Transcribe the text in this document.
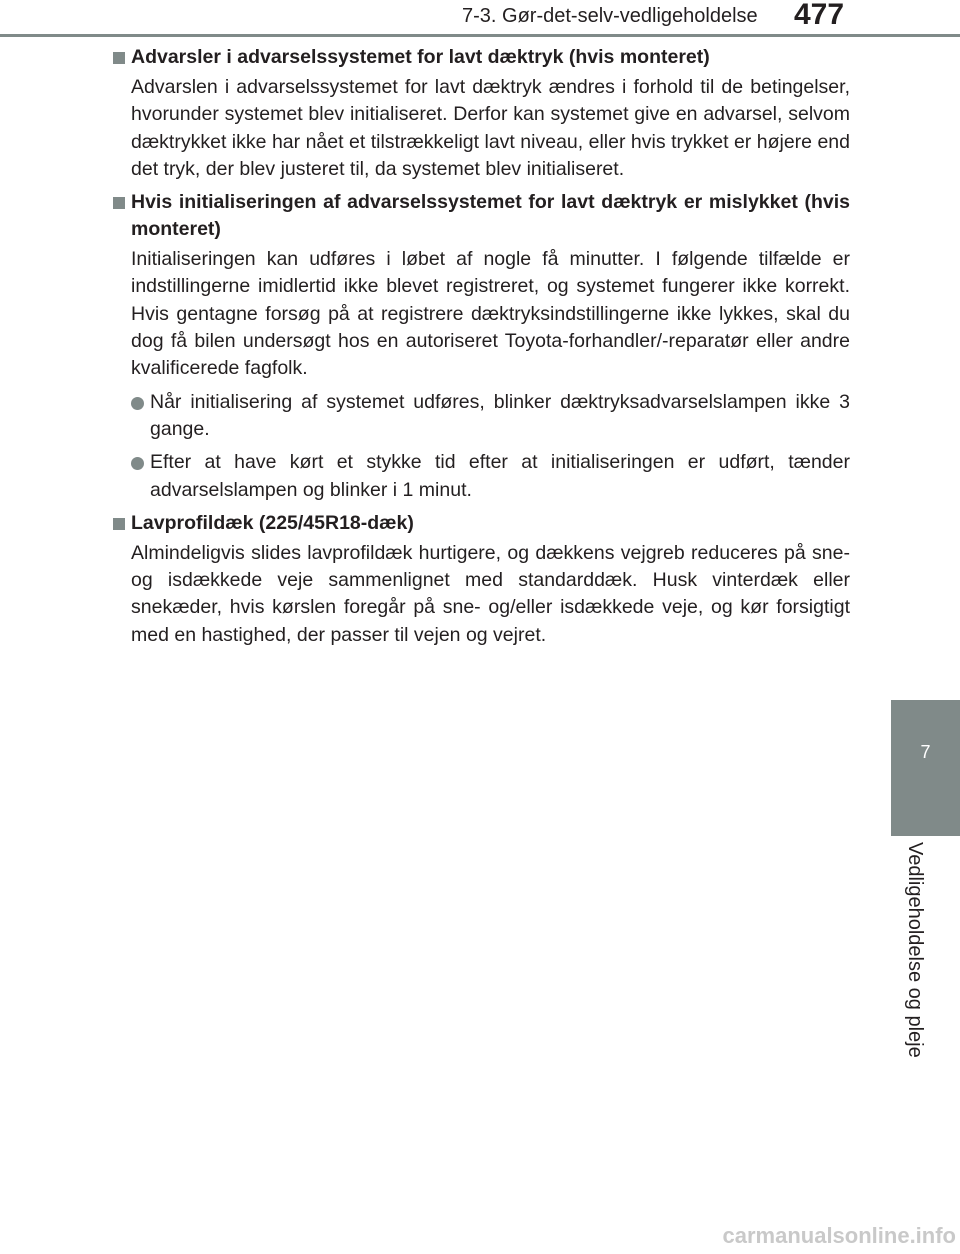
7-3. Gør-det-selv-vedligeholdelse	477
7
Vedligeholdelse og pleje
Advarsler i advarselssystemet for lavt dæktryk (hvis monteret)
Advarslen i advarselssystemet for lavt dæktryk ændres i forhold til de betingelser, hvorunder systemet blev initialiseret. Derfor kan systemet give en advarsel, selvom dæktrykket ikke har nået et tilstrækkeligt lavt niveau, eller hvis trykket er højere end det tryk, der blev justeret til, da systemet blev initialiseret.
Hvis initialiseringen af advarselssystemet for lavt dæktryk er mislykket (hvis monteret)
Initialiseringen kan udføres i løbet af nogle få minutter. I følgende tilfælde er indstillingerne imidlertid ikke blevet registreret, og systemet fungerer ikke korrekt. Hvis gentagne forsøg på at registrere dæktryksindstillingerne ikke lykkes, skal du dog få bilen undersøgt hos en autoriseret Toyota-forhandler/-reparatør eller andre kvalificerede fagfolk.
Når initialisering af systemet udføres, blinker dæktryksadvarselslampen ikke 3 gange.
Efter at have kørt et stykke tid efter at initialiseringen er udført, tænder advarselslampen og blinker i 1 minut.
Lavprofildæk (225/45R18-dæk)
Almindeligvis slides lavprofildæk hurtigere, og dækkens vejgreb reduceres på sne- og isdækkede veje sammenlignet med standarddæk. Husk vinterdæk eller snekæder, hvis kørslen foregår på sne- og/eller isdækkede veje, og kør forsigtigt med en hastighed, der passer til vejen og vejret.
carmanualsonline.info
